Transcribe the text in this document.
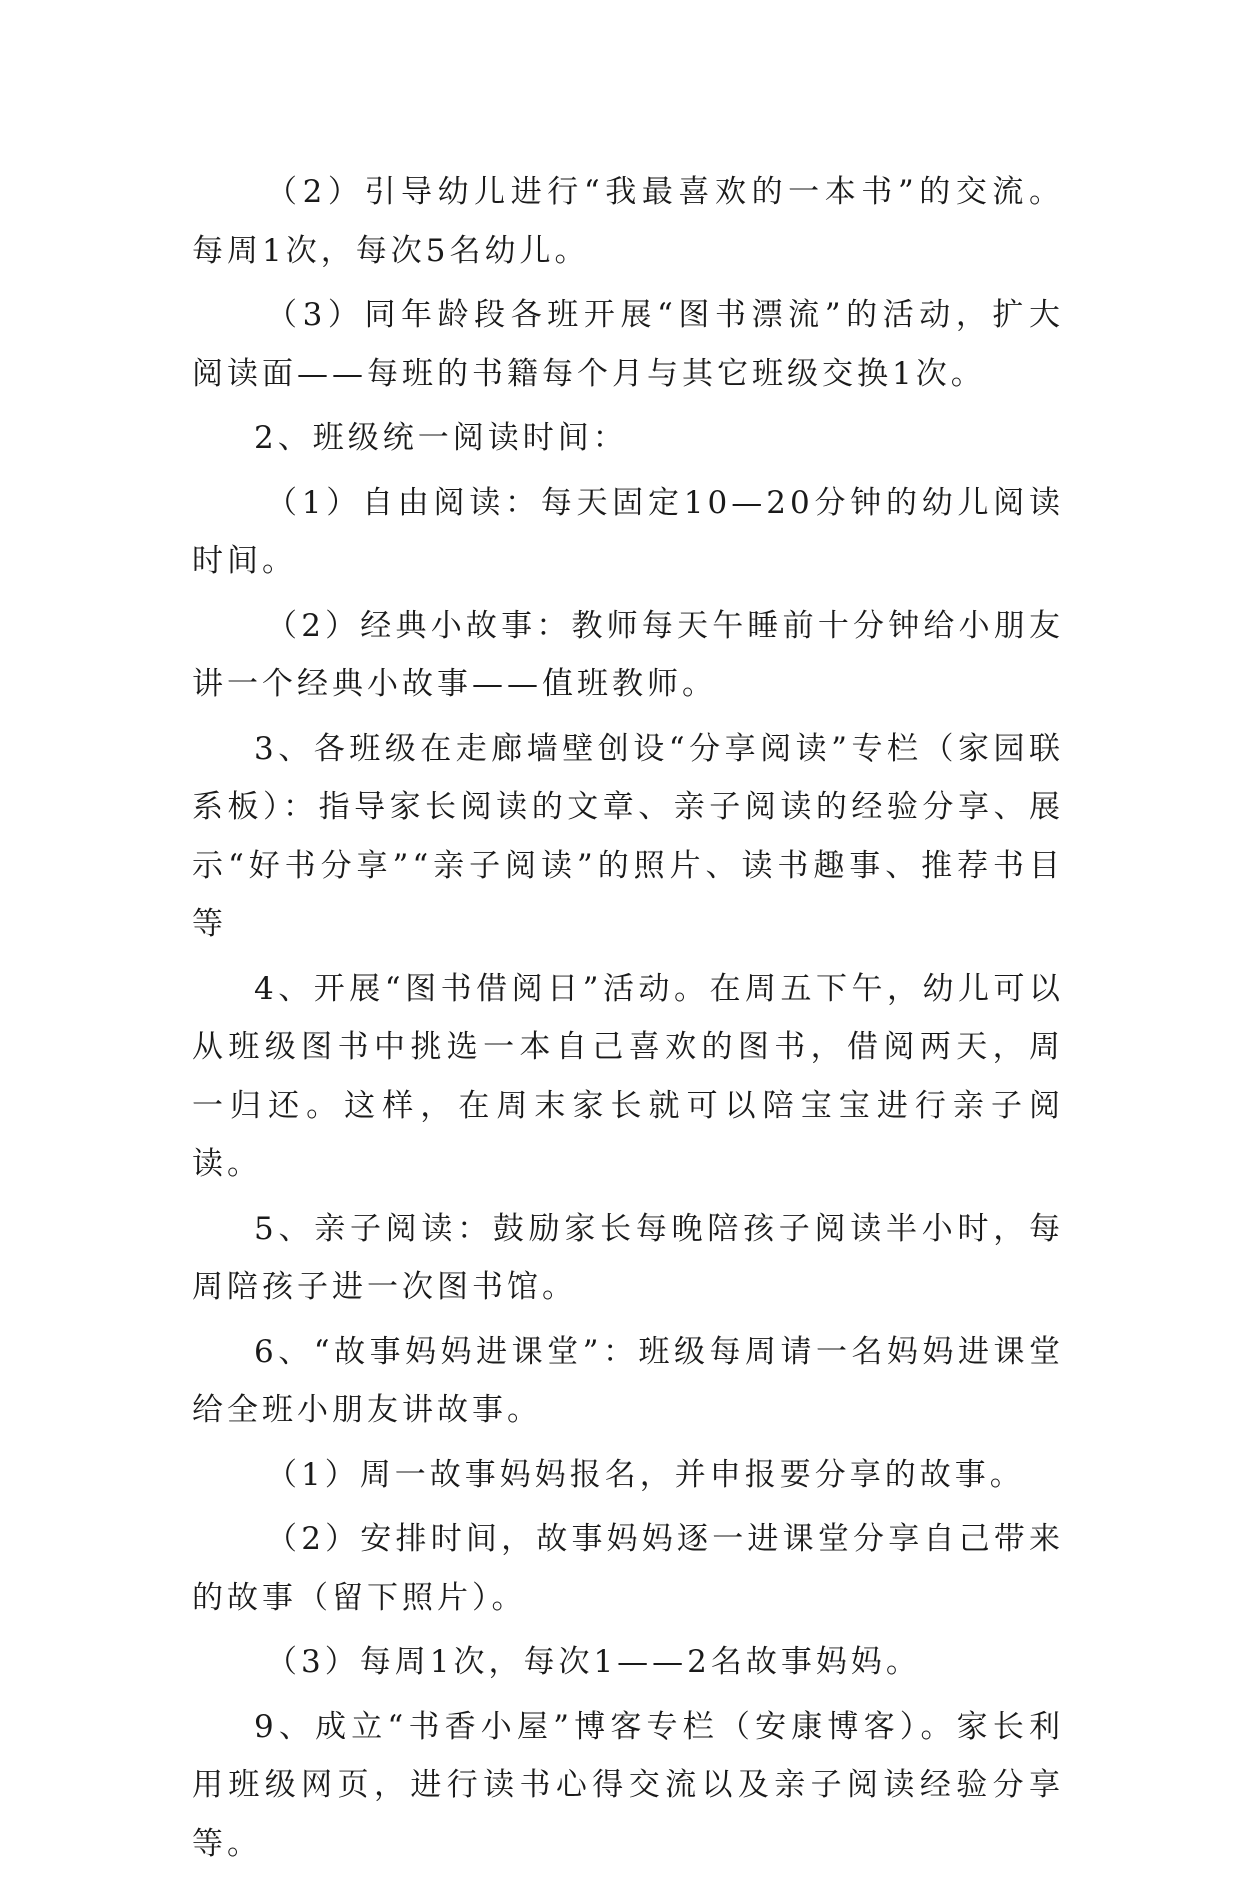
（2）引导幼儿进行“我最喜欢的一本书”的交流。每周1次，每次5名幼儿。

（3）同年龄段各班开展“图书漂流”的活动，扩大阅读面——每班的书籍每个月与其它班级交换1次。

2、班级统一阅读时间：

（1）自由阅读：每天固定10—20分钟的幼儿阅读时间。

（2）经典小故事：教师每天午睡前十分钟给小朋友讲一个经典小故事——值班教师。

3、各班级在走廊墙壁创设“分享阅读”专栏（家园联系板）：指导家长阅读的文章、亲子阅读的经验分享、展示“好书分享”“亲子阅读”的照片、读书趣事、推荐书目等

4、开展“图书借阅日”活动。在周五下午，幼儿可以从班级图书中挑选一本自己喜欢的图书，借阅两天，周一归还。这样，在周末家长就可以陪宝宝进行亲子阅读。

5、亲子阅读：鼓励家长每晚陪孩子阅读半小时，每周陪孩子进一次图书馆。

6、“故事妈妈进课堂”：班级每周请一名妈妈进课堂给全班小朋友讲故事。

（1）周一故事妈妈报名，并申报要分享的故事。

（2）安排时间，故事妈妈逐一进课堂分享自己带来的故事（留下照片）。

（3）每周1次，每次1——2名故事妈妈。

9、成立“书香小屋”博客专栏（安康博客）。家长利用班级网页，进行读书心得交流以及亲子阅读经验分享等。
